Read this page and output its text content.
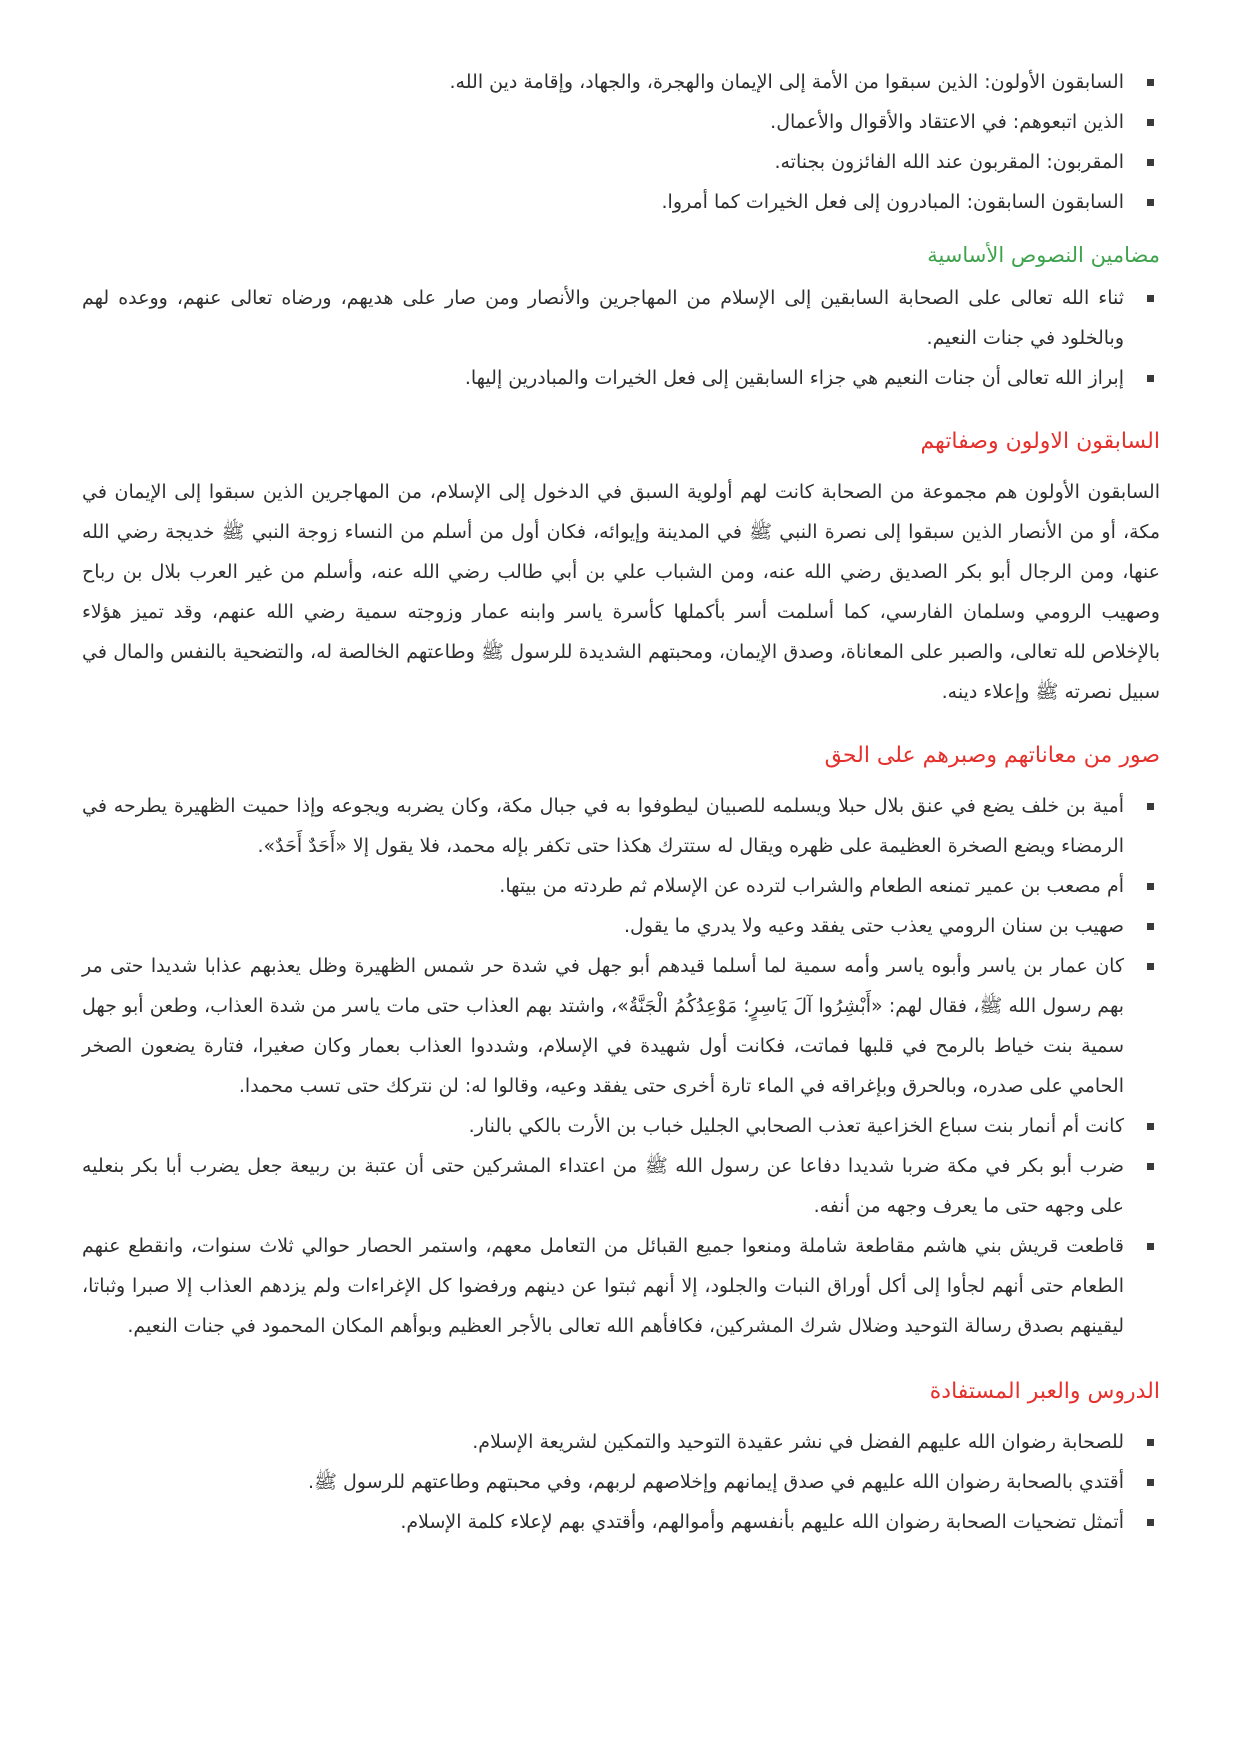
السابقون الأولون: الذين سبقوا من الأمة إلى الإيمان والهجرة، والجهاد، وإقامة دين الله.
الذين اتبعوهم: في الاعتقاد والأقوال والأعمال.
المقربون: المقربون عند الله الفائزون بجناته.
السابقون السابقون: المبادرون إلى فعل الخيرات كما أمروا.
مضامين النصوص الأساسية
ثناء الله تعالى على الصحابة السابقين إلى الإسلام من المهاجرين والأنصار ومن صار على هديهم، ورضاه تعالى عنهم، ووعده لهم وبالخلود في جنات النعيم.
إبراز الله تعالى أن جنات النعيم هي جزاء السابقين إلى فعل الخيرات والمبادرين إليها.
السابقون الاولون وصفاتهم

السابقون الأولون هم مجموعة من الصحابة كانت لهم أولوية السبق في الدخول إلى الإسلام، من المهاجرين الذين سبقوا إلى الإيمان في مكة، أو من الأنصار الذين سبقوا إلى نصرة النبي ﷺ في المدينة وإيوائه، فكان أول من أسلم من النساء زوجة النبي ﷺ خديجة رضي الله عنها، ومن الرجال أبو بكر الصديق رضي الله عنه، ومن الشباب علي بن أبي طالب رضي الله عنه، وأسلم من غير العرب بلال بن رباح وصهيب الرومي وسلمان الفارسي، كما أسلمت أسر بأكملها كأسرة ياسر وابنه عمار وزوجته سمية رضي الله عنهم، وقد تميز هؤلاء بالإخلاص لله تعالى، والصبر على المعاناة، وصدق الإيمان، ومحبتهم الشديدة للرسول ﷺ وطاعتهم الخالصة له، والتضحية بالنفس والمال في سبيل نصرته ﷺ وإعلاء دينه.

صور من معاناتهم وصبرهم على الحق
أمية بن خلف يضع في عنق بلال حبلا ويسلمه للصبيان ليطوفوا به في جبال مكة، وكان يضربه ويجوعه وإذا حميت الظهيرة يطرحه في الرمضاء ويضع الصخرة العظيمة على ظهره ويقال له ستترك هكذا حتى تكفر بإله محمد، فلا يقول إلا «أَحَدٌ أَحَدٌ».
أم مصعب بن عمير تمنعه الطعام والشراب لترده عن الإسلام ثم طردته من بيتها.
صهيب بن سنان الرومي يعذب حتى يفقد وعيه ولا يدري ما يقول.
كان عمار بن ياسر وأبوه ياسر وأمه سمية لما أسلما قيدهم أبو جهل في شدة حر شمس الظهيرة وظل يعذبهم عذابا شديدا حتى مر بهم رسول الله ﷺ، فقال لهم: «أَبْشِرُوا آلَ يَاسِرٍ؛ مَوْعِدُكُمُ الْجَنَّةُ»، واشتد بهم العذاب حتى مات ياسر من شدة العذاب، وطعن أبو جهل سمية بنت خياط بالرمح في قلبها فماتت، فكانت أول شهيدة في الإسلام، وشددوا العذاب بعمار وكان صغيرا، فتارة يضعون الصخر الحامي على صدره، وبالحرق وبإغراقه في الماء تارة أخرى حتى يفقد وعيه، وقالوا له: لن نتركك حتى تسب محمدا.
كانت أم أنمار بنت سباع الخزاعية تعذب الصحابي الجليل خباب بن الأرت بالكي بالنار.
ضرب أبو بكر في مكة ضربا شديدا دفاعا عن رسول الله ﷺ من اعتداء المشركين حتى أن عتبة بن ربيعة جعل يضرب أبا بكر بنعليه على وجهه حتى ما يعرف وجهه من أنفه.
قاطعت قريش بني هاشم مقاطعة شاملة ومنعوا جميع القبائل من التعامل معهم، واستمر الحصار حوالي ثلاث سنوات، وانقطع عنهم الطعام حتى أنهم لجأوا إلى أكل أوراق النبات والجلود، إلا أنهم ثبتوا عن دينهم ورفضوا كل الإغراءات ولم يزدهم العذاب إلا صبرا وثباتا، ليقينهم بصدق رسالة التوحيد وضلال شرك المشركين، فكافأهم الله تعالى بالأجر العظيم وبوأهم المكان المحمود في جنات النعيم.
الدروس والعبر المستفادة
للصحابة رضوان الله عليهم الفضل في نشر عقيدة التوحيد والتمكين لشريعة الإسلام.
أقتدي بالصحابة رضوان الله عليهم في صدق إيمانهم وإخلاصهم لربهم، وفي محبتهم وطاعتهم للرسول ﷺ.
أتمثل تضحيات الصحابة رضوان الله عليهم بأنفسهم وأموالهم، وأقتدي بهم لإعلاء كلمة الإسلام.
